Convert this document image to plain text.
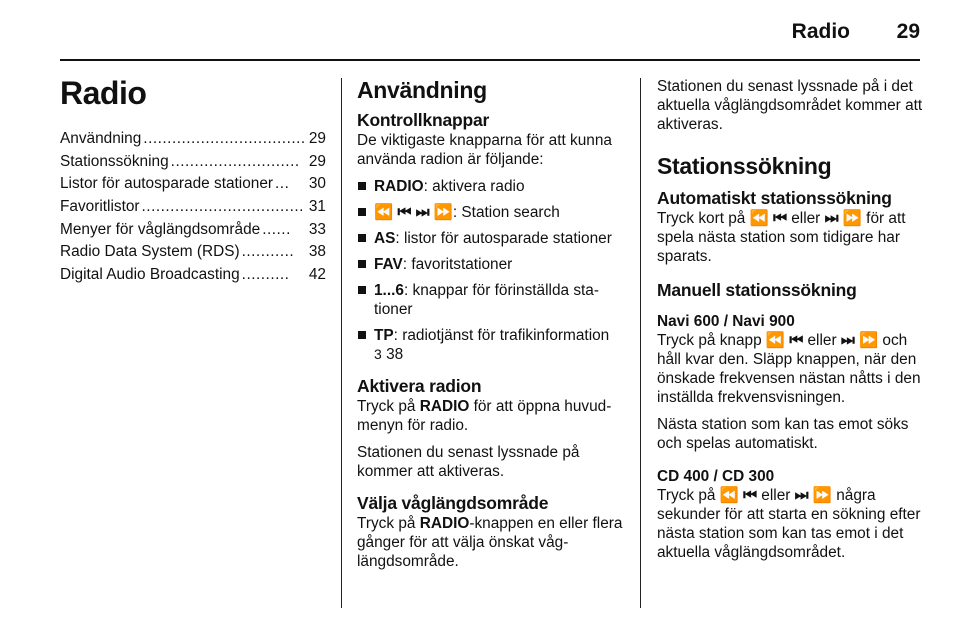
Radio	29
Radio
Användning .................................. 29
Stationssökning ........................... 29
Listor för autosparade stationer ...	30
Favoritlistor .................................. 31
Menyer för våglängdsområde ......	33
Radio Data System (RDS) ........... 38
Digital Audio Broadcasting ..........	42
Användning
Kontrollknappar

De viktigaste knapparna för att kunna använda radion är följande:

RADIO: aktivera radio
⏪ ⏮ ⏭ ⏩: Station search
AS: listor för autosparade stationer
FAV: favoritstationer
1...6: knappar för förinställda sta-tioner
TP: radiotjänst för trafikinformation
3 38
Aktivera radion

Tryck på RADIO för att öppna huvud-menyn för radio.

Stationen du senast lyssnade på kommer att aktiveras.

Välja våglängdsområde

Tryck på RADIO-knappen en eller flera gånger för att välja önskat våg-längdsområde.

Stationen du senast lyssnade på i det aktuella våglängdsområdet kommer att aktiveras.

Stationssökning
Automatiskt stationssökning

Tryck kort på ⏪ ⏮ eller ⏭ ⏩ för att spela nästa station som tidigare har sparats.

Manuell stationssökning
Navi 600 / Navi 900

Tryck på knapp ⏪ ⏮ eller ⏭ ⏩ och håll kvar den. Släpp knappen, när den önskade frekvensen nästan nåtts i den inställda frekvensvisningen.

Nästa station som kan tas emot söks och spelas automatiskt.

CD 400 / CD 300

Tryck på ⏪ ⏮ eller ⏭ ⏩ några sekunder för att starta en sökning efter nästa station som kan tas emot i det aktuella våglängdsområdet.
